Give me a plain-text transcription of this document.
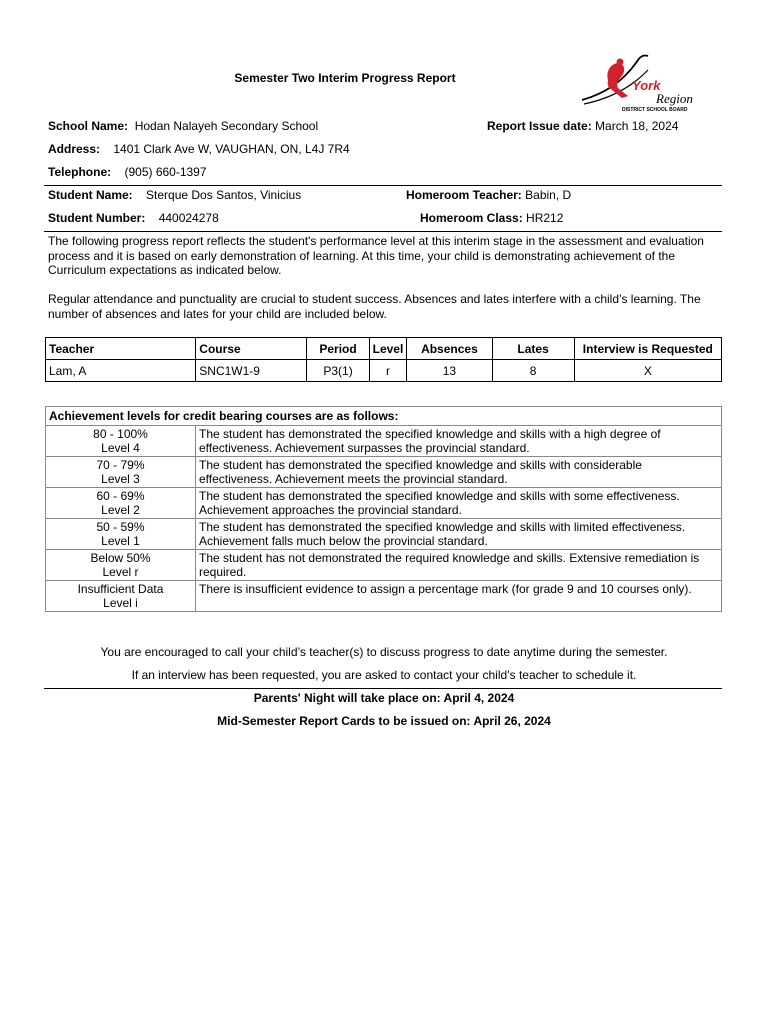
Semester Two Interim Progress Report	York
Region
DISTRICT SCHOOL BOARD
School Name: Hodan Nalayeh Secondary School	Report Issue date: March 18, 2024
Address: 1401 Clark Ave W, VAUGHAN, ON, L4J 7R4
Telephone: (905) 660-1397
Student Name: Sterque Dos Santos, Vinicius	Homeroom Teacher: Babin, D
Student Number: 440024278	Homeroom Class: HR212
The following progress report reflects the student's performance level at this interim stage in the assessment and evaluation process and it is based on early demonstration of learning. At this time, your child is demonstrating achievement of the Curriculum expectations as indicated below.
Regular attendance and punctuality are crucial to student success. Absences and lates interfere with a child’s learning. The number of absences and lates for your child are included below.
Teacher	Course	Period	Level	Absences	Lates	Interview is Requested
Lam, A	SNC1W1-9	P3(1)	r	13	8	X
Achievement levels for credit bearing courses are as follows:	
80 - 100%
Level 4	The student has demonstrated the specified knowledge and skills with a high degree of effectiveness. Achievement surpasses the provincial standard.
70 - 79%
Level 3	The student has demonstrated the specified knowledge and skills with considerable effectiveness. Achievement meets the provincial standard.
60 - 69%
Level 2	The student has demonstrated the specified knowledge and skills with some effectiveness. Achievement approaches the provincial standard.
50 - 59%
Level 1	The student has demonstrated the specified knowledge and skills with limited effectiveness. Achievement falls much below the provincial standard.
Below 50%
Level r	The student has not demonstrated the required knowledge and skills. Extensive remediation is required.
Insufficient Data
Level i	There is insufficient evidence to assign a percentage mark (for grade 9 and 10 courses only).
You are encouraged to call your child’s teacher(s) to discuss progress to date anytime during the semester.
If an interview has been requested, you are asked to contact your child’s teacher to schedule it.
Parents' Night will take place on: April 4, 2024
Mid-Semester Report Cards to be issued on: April 26, 2024
